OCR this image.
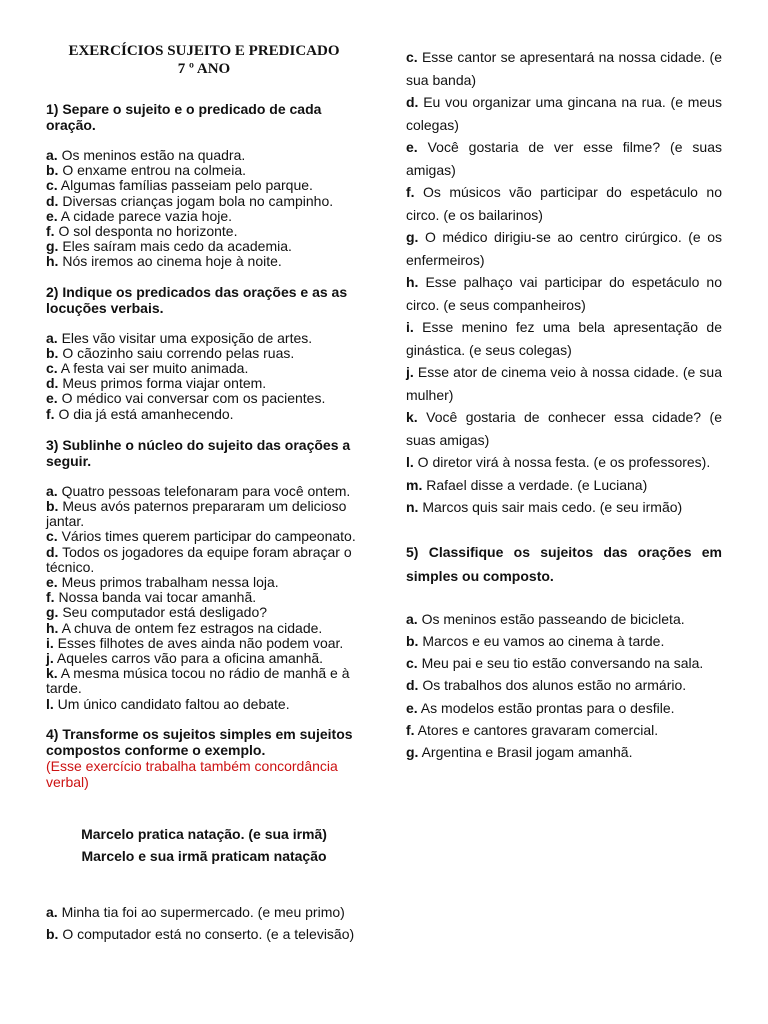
EXERCÍCIOS SUJEITO E PREDICADO
7 º ANO
1) Separe o sujeito e o predicado de cada oração.
a. Os meninos estão na quadra.
b. O enxame entrou na colmeia.
c. Algumas famílias passeiam pelo parque.
d. Diversas crianças jogam bola no campinho.
e. A cidade parece vazia hoje.
f. O sol desponta no horizonte.
g. Eles saíram mais cedo da academia.
h. Nós iremos ao cinema hoje à noite.
2) Indique os predicados das orações e as as locuções verbais.
a. Eles vão visitar uma exposição de artes.
b. O cãozinho saiu correndo pelas ruas.
c. A festa vai ser muito animada.
d. Meus primos forma viajar ontem.
e. O médico vai conversar com os pacientes.
f. O dia já está amanhecendo.
3) Sublinhe o núcleo do sujeito das orações a seguir.
a. Quatro pessoas telefonaram para você ontem.
b. Meus avós paternos prepararam um delicioso jantar.
c. Vários times querem participar do campeonato.
d. Todos os jogadores da equipe foram abraçar o técnico.
e. Meus primos trabalham nessa loja.
f. Nossa banda vai tocar amanhã.
g. Seu computador está desligado?
h. A chuva de ontem fez estragos na cidade.
i. Esses filhotes de aves ainda não podem voar.
j. Aqueles carros vão para a oficina amanhã.
k. A mesma música tocou no rádio de manhã e à tarde.
l. Um único candidato faltou ao debate.
4) Transforme os sujeitos simples em sujeitos compostos conforme o exemplo.
(Esse exercício trabalha também concordância verbal)
Marcelo pratica natação. (e sua irmã)
Marcelo e sua irmã praticam natação
a. Minha tia foi ao supermercado. (e meu primo)
b. O computador está no conserto. (e a televisão)
c. Esse cantor se apresentará na nossa cidade. (e sua banda)
d. Eu vou organizar uma gincana na rua. (e meus colegas)
e. Você gostaria de ver esse filme? (e suas amigas)
f. Os músicos vão participar do espetáculo no circo. (e os bailarinos)
g. O médico dirigiu-se ao centro cirúrgico. (e os enfermeiros)
h. Esse palhaço vai participar do espetáculo no circo. (e seus companheiros)
i. Esse menino fez uma bela apresentação de ginástica. (e seus colegas)
j. Esse ator de cinema veio à nossa cidade. (e sua mulher)
k. Você gostaria de conhecer essa cidade? (e suas amigas)
l. O diretor virá à nossa festa. (e os professores).
m. Rafael disse a verdade. (e Luciana)
n. Marcos quis sair mais cedo. (e seu irmão)
5) Classifique os sujeitos das orações em simples ou composto.
a. Os meninos estão passeando de bicicleta.
b. Marcos e eu vamos ao cinema à tarde.
c. Meu pai e seu tio estão conversando na sala.
d. Os trabalhos dos alunos estão no armário.
e. As modelos estão prontas para o desfile.
f. Atores e cantores gravaram comercial.
g. Argentina e Brasil jogam amanhã.
